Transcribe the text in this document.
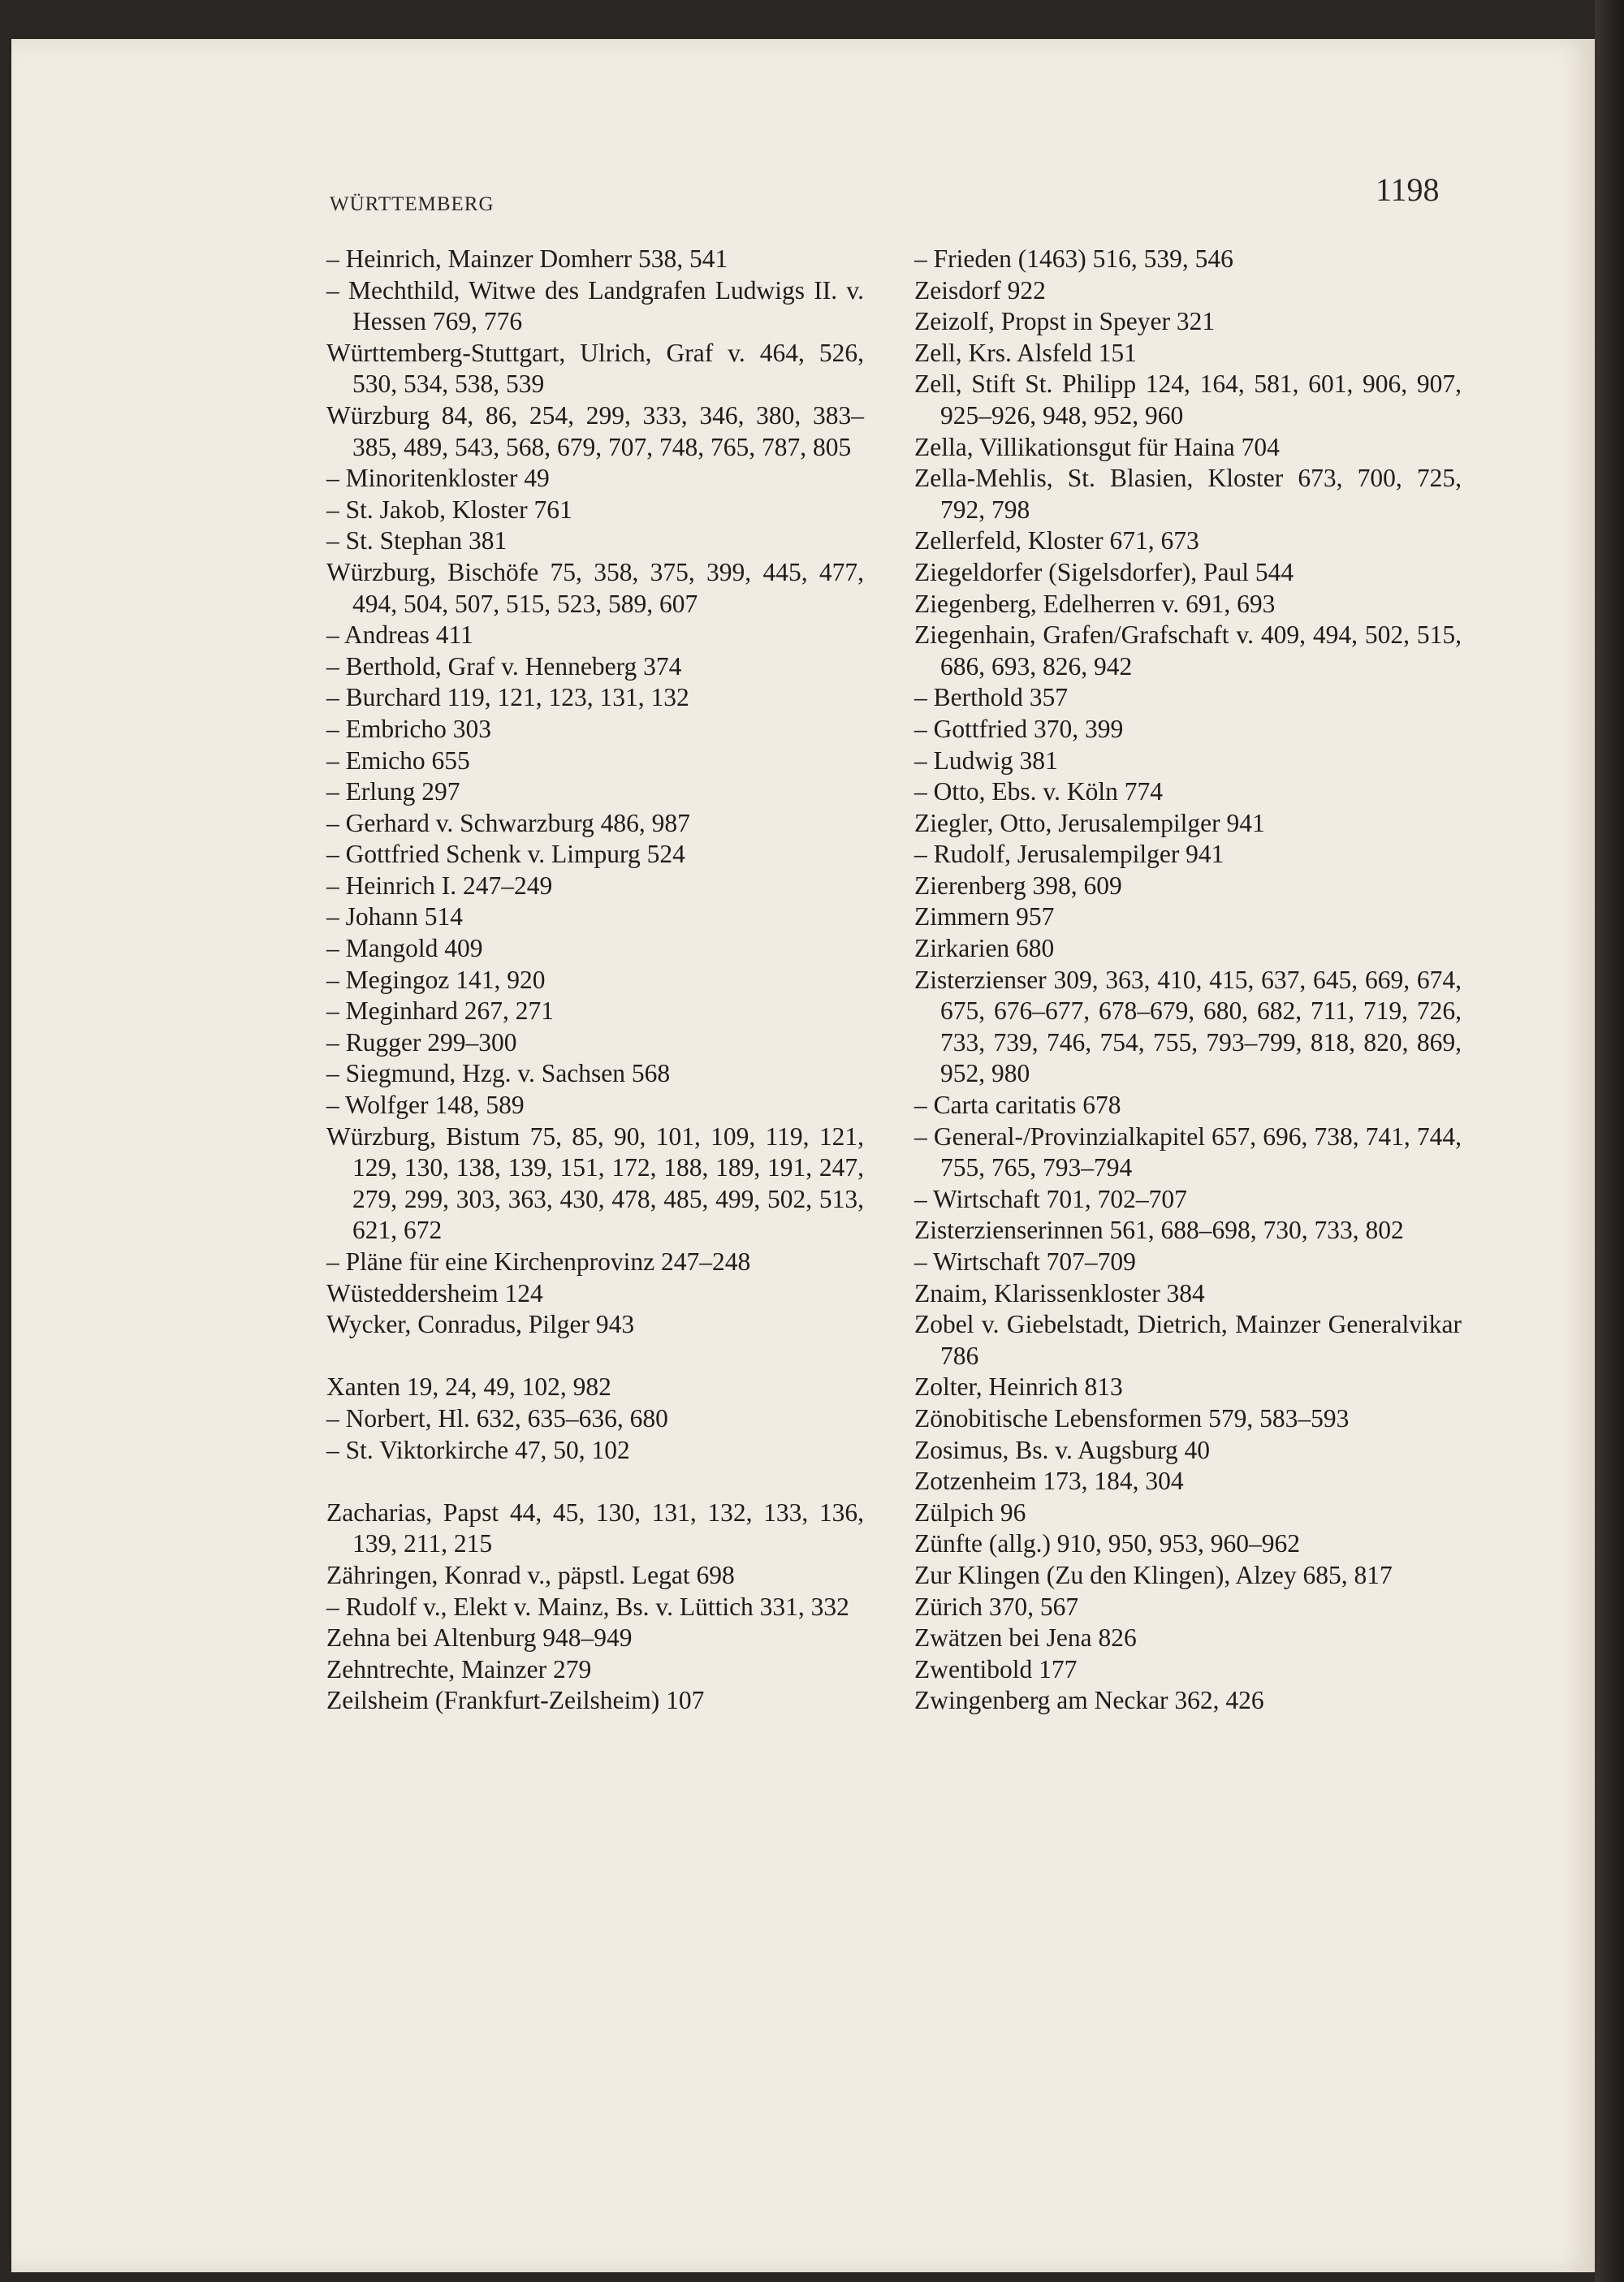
WÜRTTEMBERG	1198
– Heinrich, Mainzer Domherr 538, 541
– Mechthild, Witwe des Landgrafen Ludwigs II. v. Hessen 769, 776
Württemberg-Stuttgart, Ulrich, Graf v. 464, 526, 530, 534, 538, 539
Würzburg 84, 86, 254, 299, 333, 346, 380, 383–385, 489, 543, 568, 679, 707, 748, 765, 787, 805
– Minoritenkloster 49
– St. Jakob, Kloster 761
– St. Stephan 381
Würzburg, Bischöfe 75, 358, 375, 399, 445, 477, 494, 504, 507, 515, 523, 589, 607
– Andreas 411
– Berthold, Graf v. Henneberg 374
– Burchard 119, 121, 123, 131, 132
– Embricho 303
– Emicho 655
– Erlung 297
– Gerhard v. Schwarzburg 486, 987
– Gottfried Schenk v. Limpurg 524
– Heinrich I. 247–249
– Johann 514
– Mangold 409
– Megingoz 141, 920
– Meginhard 267, 271
– Rugger 299–300
– Siegmund, Hzg. v. Sachsen 568
– Wolfger 148, 589
Würzburg, Bistum 75, 85, 90, 101, 109, 119, 121, 129, 130, 138, 139, 151, 172, 188, 189, 191, 247, 279, 299, 303, 363, 430, 478, 485, 499, 502, 513, 621, 672
– Pläne für eine Kirchenprovinz 247–248
Wüsteddersheim 124
Wycker, Conradus, Pilger 943
Xanten 19, 24, 49, 102, 982
– Norbert, Hl. 632, 635–636, 680
– St. Viktorkirche 47, 50, 102
Zacharias, Papst 44, 45, 130, 131, 132, 133, 136, 139, 211, 215
Zähringen, Konrad v., päpstl. Legat 698
– Rudolf v., Elekt v. Mainz, Bs. v. Lüttich 331, 332
Zehna bei Altenburg 948–949
Zehntrechte, Mainzer 279
Zeilsheim (Frankfurt-Zeilsheim) 107
– Frieden (1463) 516, 539, 546
Zeisdorf 922
Zeizolf, Propst in Speyer 321
Zell, Krs. Alsfeld 151
Zell, Stift St. Philipp 124, 164, 581, 601, 906, 907, 925–926, 948, 952, 960
Zella, Villikationsgut für Haina 704
Zella-Mehlis, St. Blasien, Kloster 673, 700, 725, 792, 798
Zellerfeld, Kloster 671, 673
Ziegeldorfer (Sigelsdorfer), Paul 544
Ziegenberg, Edelherren v. 691, 693
Ziegenhain, Grafen/Grafschaft v. 409, 494, 502, 515, 686, 693, 826, 942
– Berthold 357
– Gottfried 370, 399
– Ludwig 381
– Otto, Ebs. v. Köln 774
Ziegler, Otto, Jerusalempilger 941
– Rudolf, Jerusalempilger 941
Zierenberg 398, 609
Zimmern 957
Zirkarien 680
Zisterzienser 309, 363, 410, 415, 637, 645, 669, 674, 675, 676–677, 678–679, 680, 682, 711, 719, 726, 733, 739, 746, 754, 755, 793–799, 818, 820, 869, 952, 980
– Carta caritatis 678
– General-/Provinzialkapitel 657, 696, 738, 741, 744, 755, 765, 793–794
– Wirtschaft 701, 702–707
Zisterzienserinnen 561, 688–698, 730, 733, 802
– Wirtschaft 707–709
Znaim, Klarissenkloster 384
Zobel v. Giebelstadt, Dietrich, Mainzer Generalvikar 786
Zolter, Heinrich 813
Zönobitische Lebensformen 579, 583–593
Zosimus, Bs. v. Augsburg 40
Zotzenheim 173, 184, 304
Zülpich 96
Zünfte (allg.) 910, 950, 953, 960–962
Zur Klingen (Zu den Klingen), Alzey 685, 817
Zürich 370, 567
Zwätzen bei Jena 826
Zwentibold 177
Zwingenberg am Neckar 362, 426
